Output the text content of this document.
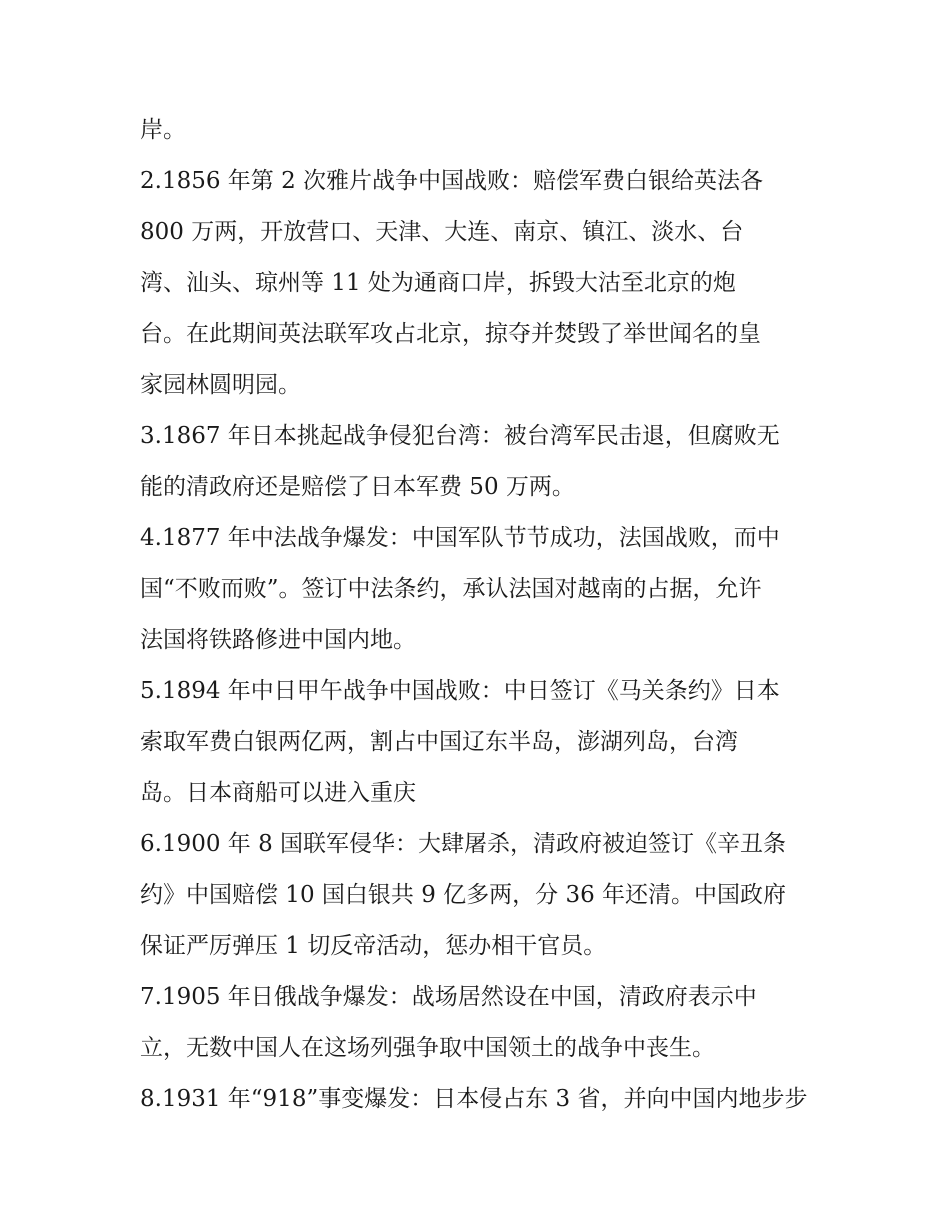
岸。
2.1856 年第 2 次雅片战争中国战败：赔偿军费白银给英法各
800 万两，开放营口、天津、大连、南京、镇江、淡水、台
湾、汕头、琼州等 11 处为通商口岸，拆毁大沽至北京的炮
台。在此期间英法联军攻占北京，掠夺并焚毁了举世闻名的皇
家园林圆明园。
3.1867 年日本挑起战争侵犯台湾：被台湾军民击退，但腐败无
能的清政府还是赔偿了日本军费 50 万两。
4.1877 年中法战争爆发：中国军队节节成功，法国战败，而中
国“不败而败”。签订中法条约，承认法国对越南的占据，允许
法国将铁路修进中国内地。
5.1894 年中日甲午战争中国战败：中日签订《马关条约》日本
索取军费白银两亿两，割占中国辽东半岛，澎湖列岛，台湾
岛。日本商船可以进入重庆
6.1900 年 8 国联军侵华：大肆屠杀，清政府被迫签订《辛丑条
约》中国赔偿 10 国白银共 9 亿多两，分 36 年还清。中国政府
保证严厉弹压 1 切反帝活动，惩办相干官员。
7.1905 年日俄战争爆发：战场居然设在中国，清政府表示中
立，无数中国人在这场列强争取中国领土的战争中丧生。
8.1931 年“918”事变爆发：日本侵占东 3 省，并向中国内地步步
